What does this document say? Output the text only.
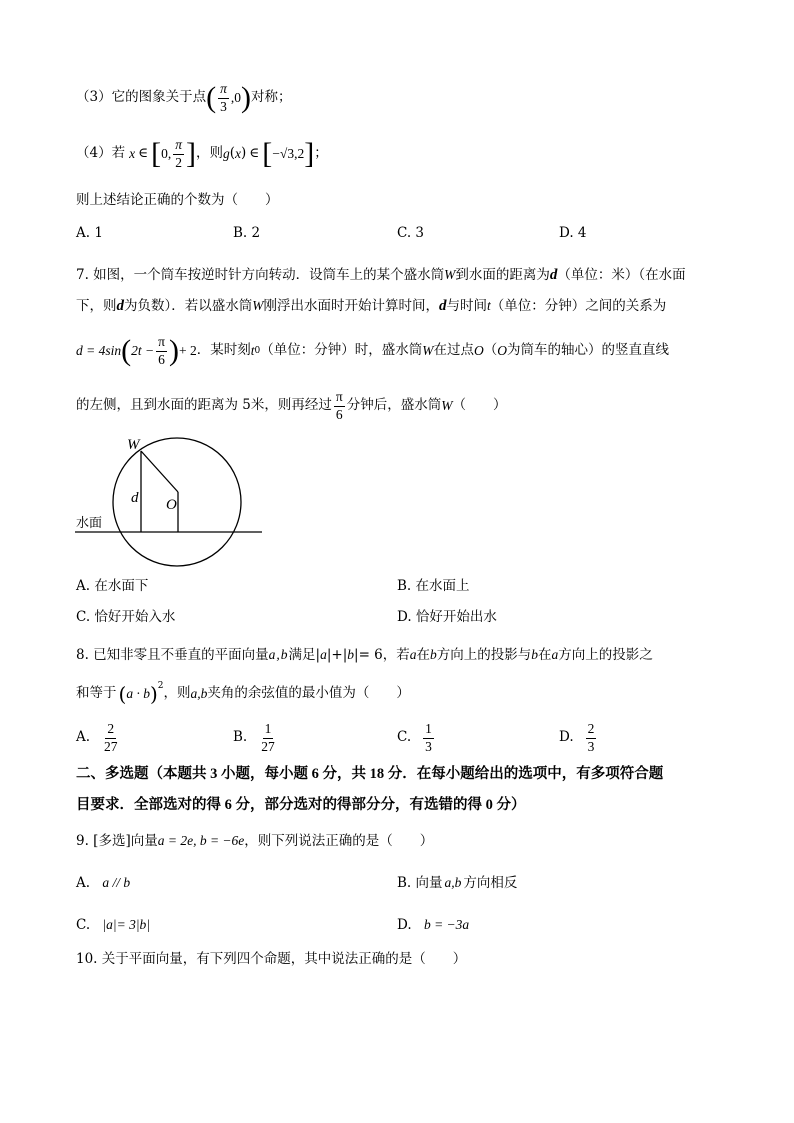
（3）它的图象关于点 ( $\frac{\pi}{3} ,0$ ) 对称；
（4）若 x ∈ [ 0, $\frac{\pi}{2}$ ] ，则 g ( x ) ∈ [ −√3,2 ] ；
则上述结论正确的个数为（　　）
A. 1	B. 2	C. 3	D. 4
7. 如图，一个筒车按逆时针方向转动．设筒车上的某个盛水筒W到水面的距离为d（单位：米）（在水面
下，则d为负数）．若以盛水筒W刚浮出水面时开始计算时间，d与时间t（单位：分钟）之间的关系为
d = 4sin ( $2t - \frac{\pi}{6}$ ) + 2 ．某时刻 t 0 （单位：分钟）时，盛水筒 W 在过点 O （ O 为筒车的轴心）的竖直直线
的左侧，且到水面的距离为 5米，则再经过 $\frac{\pi}{6}$ 分钟后，盛水筒 W （　　）
W
d O
水面
A. 在水面下	B. 在水面上
C. 恰好开始入水	D. 恰好开始出水
8. 已知非零且不垂直的平面向量a,b满足|a|+|b|= 6，若a在b方向上的投影与b在a方向上的投影之
和等于 ( a · b )$^2$ ，则 a,b 夹角的余弦值的最小值为（　　）
A. $\frac{2}{27}$	B. $\frac{1}{27}$	C. $\frac{1}{3}$	D. $\frac{2}{3}$
二、多选题（本题共 3 小题，每小题 6 分，共 18 分．在每小题给出的选项中，有多项符合题
目要求．全部选对的得 6 分，部分选对的得部分分，有选错的得 0 分）
9. [多选]向量a = 2e, b = −6e，则下列说法正确的是（　　）
A. a // b	B. 向量 a,b 方向相反
C. |a|= 3|b|	D. b = −3a
10. 关于平面向量，有下列四个命题，其中说法正确的是（　　）
